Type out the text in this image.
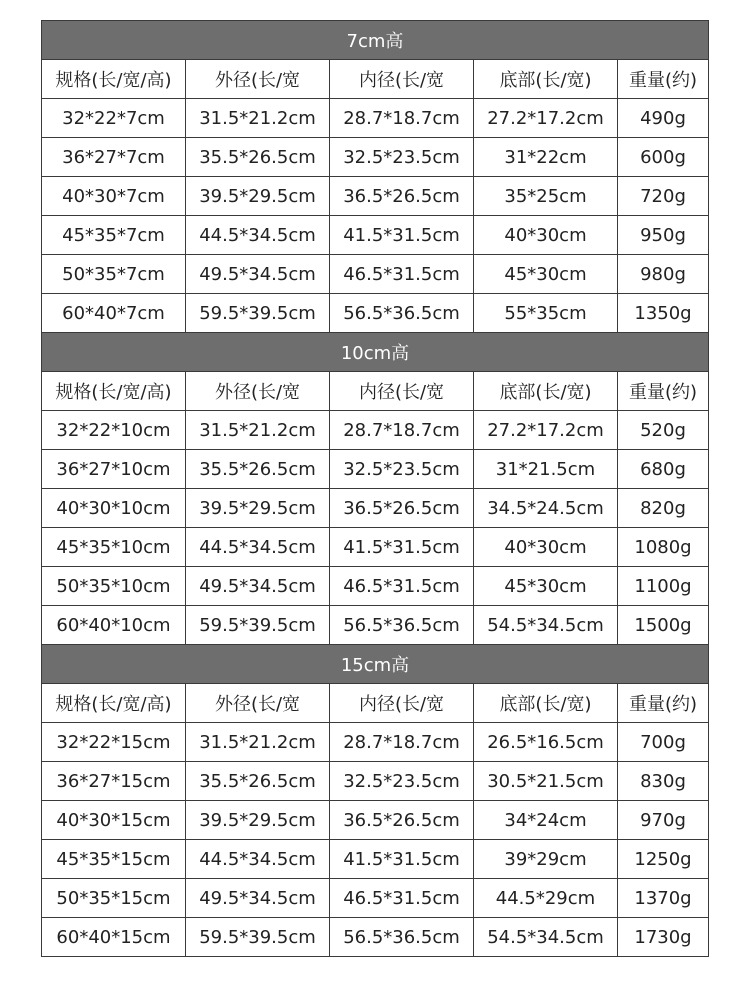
7cm高				
规格(长/宽/高)	外径(长/宽	内径(长/宽	底部(长/宽)	重量(约)
32*22*7cm	31.5*21.2cm	28.7*18.7cm	27.2*17.2cm	490g
36*27*7cm	35.5*26.5cm	32.5*23.5cm	31*22cm	600g
40*30*7cm	39.5*29.5cm	36.5*26.5cm	35*25cm	720g
45*35*7cm	44.5*34.5cm	41.5*31.5cm	40*30cm	950g
50*35*7cm	49.5*34.5cm	46.5*31.5cm	45*30cm	980g
60*40*7cm	59.5*39.5cm	56.5*36.5cm	55*35cm	1350g
10cm高				
规格(长/宽/高)	外径(长/宽	内径(长/宽	底部(长/宽)	重量(约)
32*22*10cm	31.5*21.2cm	28.7*18.7cm	27.2*17.2cm	520g
36*27*10cm	35.5*26.5cm	32.5*23.5cm	31*21.5cm	680g
40*30*10cm	39.5*29.5cm	36.5*26.5cm	34.5*24.5cm	820g
45*35*10cm	44.5*34.5cm	41.5*31.5cm	40*30cm	1080g
50*35*10cm	49.5*34.5cm	46.5*31.5cm	45*30cm	1100g
60*40*10cm	59.5*39.5cm	56.5*36.5cm	54.5*34.5cm	1500g
15cm高				
规格(长/宽/高)	外径(长/宽	内径(长/宽	底部(长/宽)	重量(约)
32*22*15cm	31.5*21.2cm	28.7*18.7cm	26.5*16.5cm	700g
36*27*15cm	35.5*26.5cm	32.5*23.5cm	30.5*21.5cm	830g
40*30*15cm	39.5*29.5cm	36.5*26.5cm	34*24cm	970g
45*35*15cm	44.5*34.5cm	41.5*31.5cm	39*29cm	1250g
50*35*15cm	49.5*34.5cm	46.5*31.5cm	44.5*29cm	1370g
60*40*15cm	59.5*39.5cm	56.5*36.5cm	54.5*34.5cm	1730g
